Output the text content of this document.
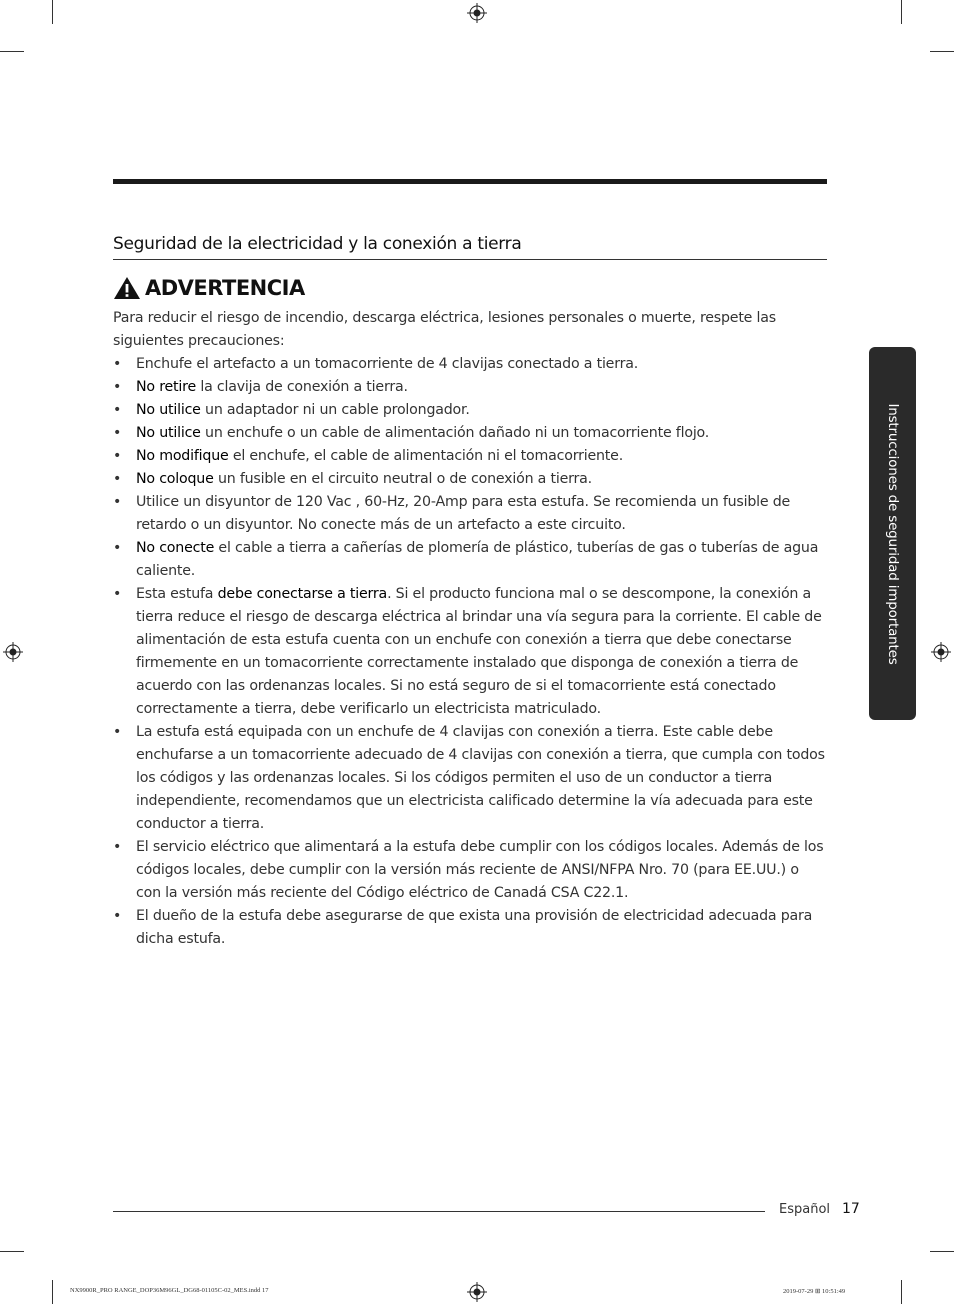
Seguridad de la electricidad y la conexión a tierra
ADVERTENCIA

Para reducir el riesgo de incendio, descarga eléctrica, lesiones personales o muerte, respete las siguientes precauciones:

• Enchufe el artefacto a un tomacorriente de 4 clavijas conectado a tierra.
• No retire la clavija de conexión a tierra.
• No utilice un adaptador ni un cable prolongador.
• No utilice un enchufe o un cable de alimentación dañado ni un tomacorriente flojo.
• No modifique el enchufe, el cable de alimentación ni el tomacorriente.
• No coloque un fusible en el circuito neutral o de conexión a tierra.
• Utilice un disyuntor de 120 Vac , 60-Hz, 20-Amp para esta estufa. Se recomienda un fusible de retardo o un disyuntor. No conecte más de un artefacto a este circuito.
• No conecte el cable a tierra a cañerías de plomería de plástico, tuberías de gas o tuberías de agua caliente.
• Esta estufa debe conectarse a tierra. Si el producto funciona mal o se descompone, la conexión a tierra reduce el riesgo de descarga eléctrica al brindar una vía segura para la corriente. El cable de alimentación de esta estufa cuenta con un enchufe con conexión a tierra que debe conectarse firmemente en un tomacorriente correctamente instalado que disponga de conexión a tierra de acuerdo con las ordenanzas locales. Si no está seguro de si el tomacorriente está conectado correctamente a tierra, debe verificarlo un electricista matriculado.
• La estufa está equipada con un enchufe de 4 clavijas con conexión a tierra. Este cable debe enchufarse a un tomacorriente adecuado de 4 clavijas con conexión a tierra, que cumpla con todos los códigos y las ordenanzas locales. Si los códigos permiten el uso de un conductor a tierra independiente, recomendamos que un electricista calificado determine la vía adecuada para este conductor a tierra.
• El servicio eléctrico que alimentará a la estufa debe cumplir con los códigos locales. Además de los códigos locales, debe cumplir con la versión más reciente de ANSI/NFPA Nro. 70 (para EE.UU.) o con la versión más reciente del Código eléctrico de Canadá CSA C22.1.
• El dueño de la estufa debe asegurarse de que exista una provisión de electricidad adecuada para dicha estufa.
Instrucciones de seguridad importantes
Español 17
NX9900R_PRO RANGE_DOP36M96GL_DG68-01105C-02_MES.indd 17	2019-07-29 ⊞ 10:51:49
